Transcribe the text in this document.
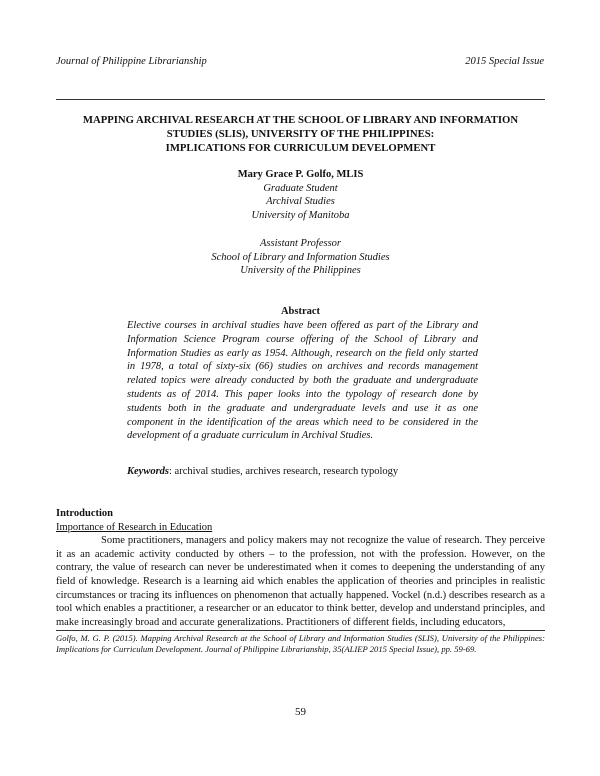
Journal of Philippine Librarianship	2015 Special Issue
MAPPING ARCHIVAL RESEARCH AT THE SCHOOL OF LIBRARY AND INFORMATION
STUDIES (SLIS), UNIVERSITY OF THE PHILIPPINES:
IMPLICATIONS FOR CURRICULUM DEVELOPMENT
Mary Grace P. Golfo, MLIS
Graduate Student
Archival Studies
University of Manitoba
Assistant Professor
School of Library and Information Studies
University of the Philippines
Abstract
Elective courses in archival studies have been offered as part of the Library and Information Science Program course offering of the School of Library and Information Studies as early as 1954. Although, research on the field only started in 1978, a total of sixty-six (66) studies on archives and records management related topics were already conducted by both the graduate and undergraduate students as of 2014. This paper looks into the typology of research done by students both in the graduate and undergraduate levels and use it as one component in the identification of the areas which need to be considered in the development of a graduate curriculum in Archival Studies.
Keywords: archival studies, archives research, research typology
Introduction
Importance of Research in Education

Some practitioners, managers and policy makers may not recognize the value of research. They perceive it as an academic activity conducted by others – to the profession, not with the profession. However, on the contrary, the value of research can never be underestimated when it comes to deepening the understanding of any field of knowledge. Research is a learning aid which enables the application of theories and principles in realistic circumstances or tracing its influences on phenomenon that actually happened. Vockel (n.d.) describes research as a tool which enables a practitioner, a researcher or an educator to think better, develop and understand principles, and make increasingly broad and accurate generalizations. Practitioners of different fields, including educators,

Golfo, M. G. P. (2015). Mapping Archival Research at the School of Library and Information Studies (SLIS), University of the Philippines: Implications for Curriculum Development. Journal of Philippine Librarianship, 35(ALIEP 2015 Special Issue), pp. 59-69.
59
